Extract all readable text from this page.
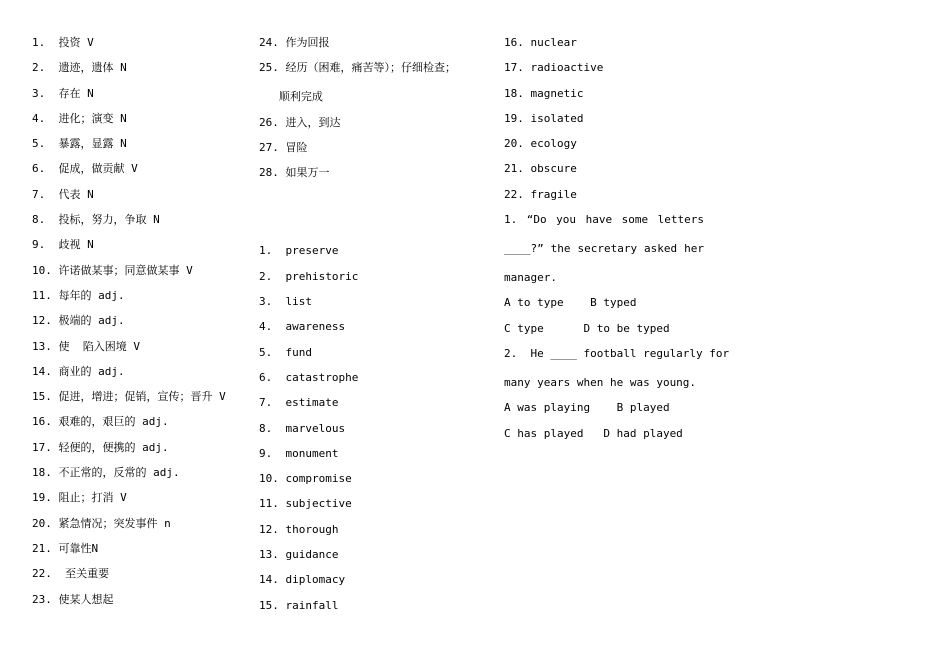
1.  投资 V
2.  遗迹，遗体 N
3.  存在 N
4.  进化；演变 N
5.  暴露，显露 N
6.  促成，做贡献 V
7.  代表 N
8.  投标，努力，争取 N
9.  歧视 N
10. 许诺做某事；同意做某事 V
11. 每年的 adj.
12. 极端的 adj.
13. 使  陷入困境 V
14. 商业的 adj.
15. 促进，增进；促销，宣传；晋升 V
16. 艰难的，艰巨的 adj.
17. 轻便的，便携的 adj.
18. 不正常的，反常的 adj.
19. 阻止；打消 V
20. 紧急情况；突发事件 n
21. 可靠性N
22.  至关重要
23. 使某人想起
24. 作为回报
25. 经历（困难，痛苦等）；仔细检查；
顺利完成
26. 进入，到达
27. 冒险
28. 如果万一
1.  preserve
2.  prehistoric
3.  list
4.  awareness
5.  fund
6.  catastrophe
7.  estimate
8.  marvelous
9.  monument
10. compromise
11. subjective
12. thorough
13. guidance
14. diplomacy
15. rainfall
16. nuclear
17. radioactive
18. magnetic
19. isolated
20. ecology
21. obscure
22. fragile
1. “Do you have some letters
____?” the secretary asked her
manager.
A to type    B typed
C type      D to be typed
2.  He ____ football regularly for
many years when he was young.
A was playing    B played
C has played   D had played
